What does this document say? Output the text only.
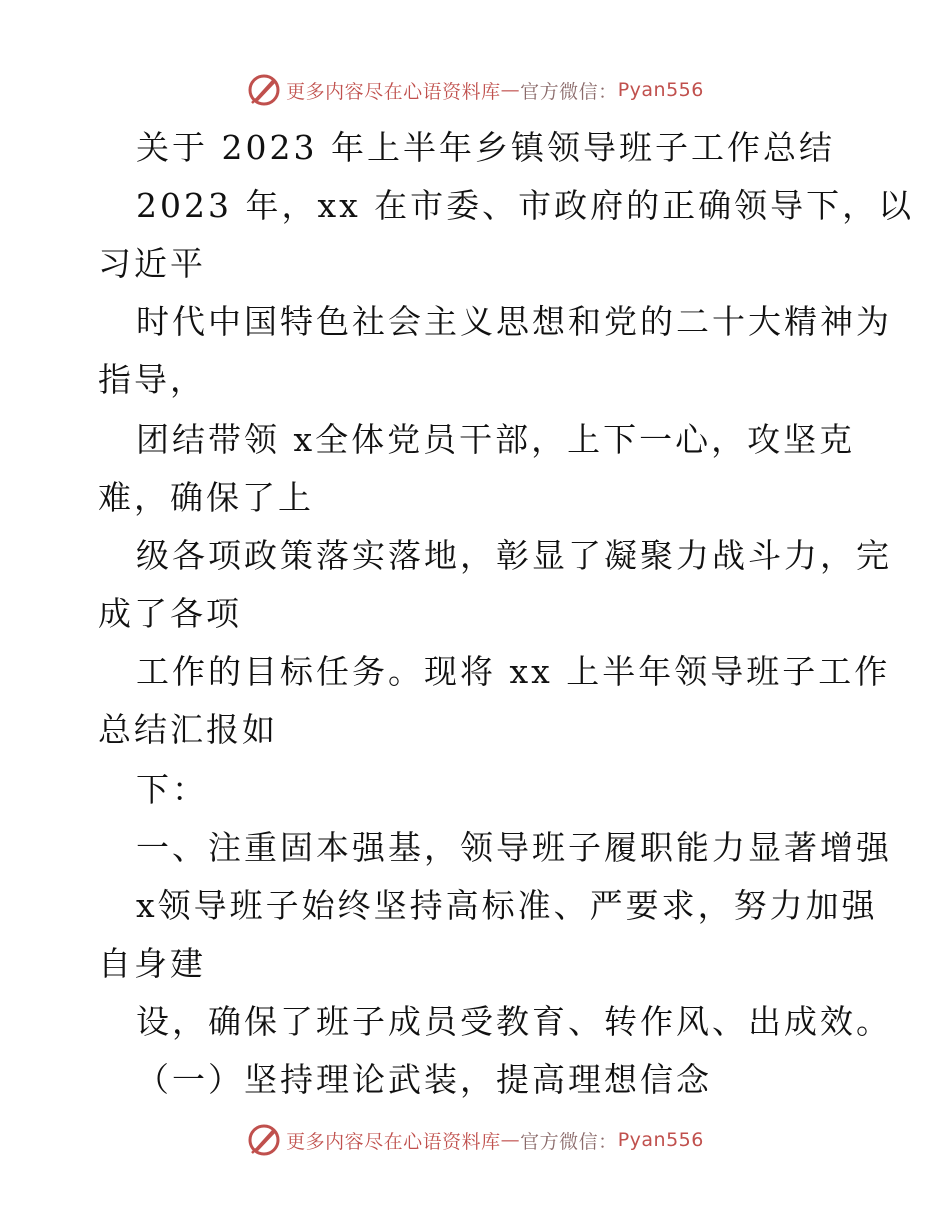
更多内容尽在心语资料库 — 官方微信： Pyan556
关于 2023 年上半年乡镇领导班子工作总结
2023 年，xx 在市委、市政府的正确领导下，以
习近平
时代中国特色社会主义思想和党的二十大精神为
指导，
团结带领 x全体党员干部，上下一心，攻坚克
难，确保了上
级各项政策落实落地，彰显了凝聚力战斗力，完
成了各项
工作的目标任务。现将 xx 上半年领导班子工作
总结汇报如
下：
一、注重固本强基，领导班子履职能力显著增强
x领导班子始终坚持高标准、严要求，努力加强
自身建
设，确保了班子成员受教育、转作风、出成效。
（一）坚持理论武装，提高理想信念
更多内容尽在心语资料库 — 官方微信： Pyan556
